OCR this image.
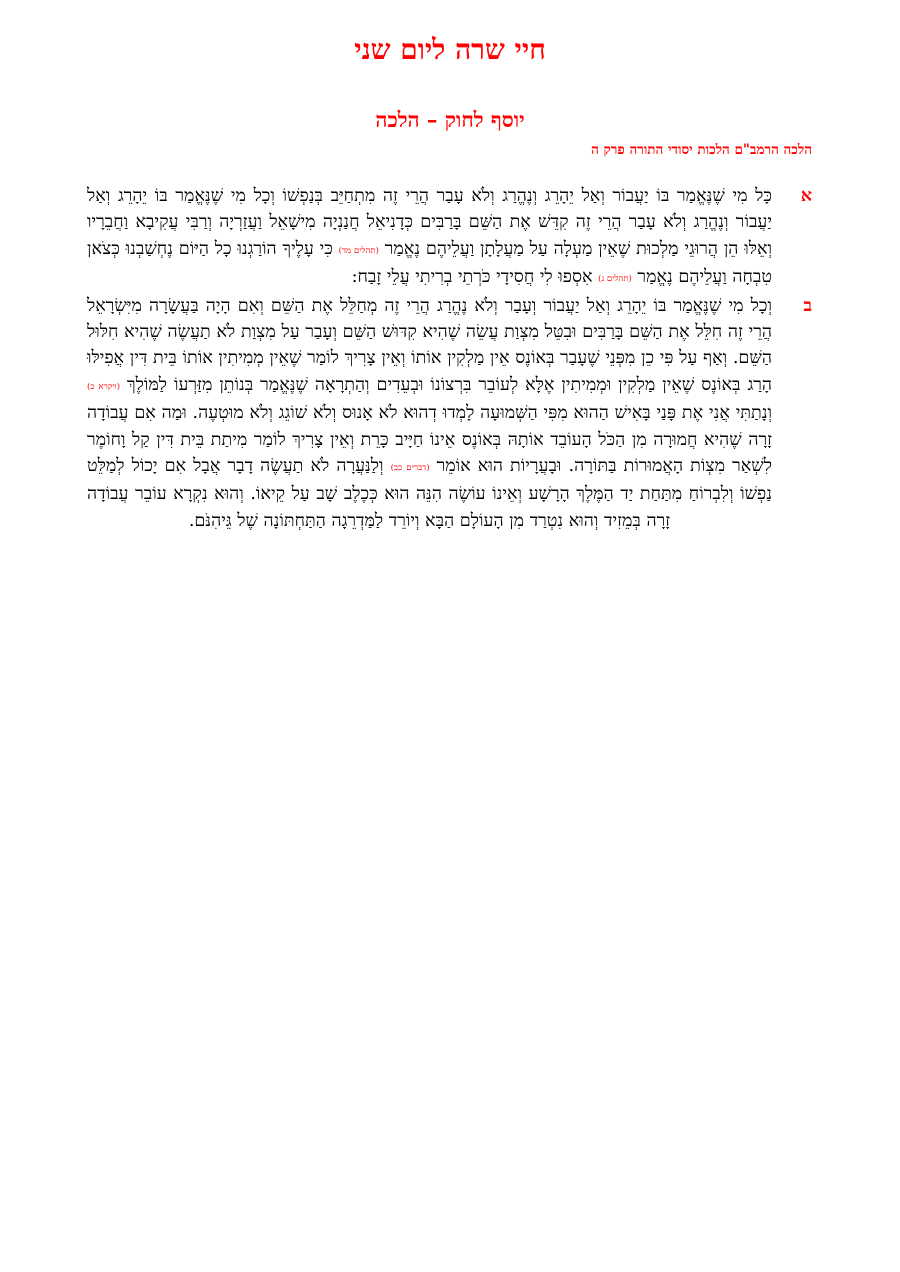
חיי שרה ליום שני
יוסף לחוק – הלכה
הלכה הרמב"ם הלכות יסודי התורה פרק ה

א
כָּל מִי שֶׁנֶּאֱמַר בּוֹ יַעֲבוֹר וְאַל יֵהָרֵג וְנֶהֱרַג וְלֹא עָבַר הֲרֵי זֶה מִתְחַיֵּב בְּנַפְשׁוֹ וְכָל מִי שֶׁנֶּאֱמַר בּוֹ יֵהָרֵג וְאַל יַעֲבוֹר וְנֶהֱרַג וְלֹא עָבַר הֲרֵי זֶה קִדֵּשׁ אֶת הַשֵּׁם בָּרַבִּים כְּדָנִיאֵל חֲנַנְיָה מִישָׁאֵל וַעֲזַרְיָה וְרַבִּי עֲקִיבָא וַחֲבֵרָיו וְאֵלּוּ הֵן הֲרוּגֵי מַלְכוּת שֶׁאֵין מַעְלָה עַל מַעֲלָתָן וַעֲלֵיהֶם נֶאֱמַר (תהלים מד) כִּי עָלֶיךָ הוֹרַגְנוּ כָל הַיּוֹם נֶחְשַׁבְנוּ כְּצֹאן טִבְחָה וַעֲלֵיהֶם נֶאֱמַר (תהלים נ) אִסְפוּ לִי חֲסִידָי כֹּרְתֵי בְרִיתִי עֲלֵי זָבַח:

ב
וְכָל מִי שֶׁנֶּאֱמַר בּוֹ יֵהָרֵג וְאַל יַעֲבוֹר וְעָבַר וְלֹא נֶהֱרַג הֲרֵי זֶה מְחַלֵּל אֶת הַשֵּׁם וְאִם הָיָה בַּעֲשָׂרָה מִיִּשְׂרָאֵל הֲרֵי זֶה חִלֵּל אֶת הַשֵּׁם בָּרַבִּים וּבִטֵּל מִצְוַת עֲשֵׂה שֶׁהִיא קִדּוּשׁ הַשֵּׁם וְעָבַר עַל מִצְוַת לֹא תַעֲשֶׂה שֶׁהִיא חִלּוּל הַשֵּׁם. וְאַף עַל פִּי כֵן מִפְּנֵי שֶׁעָבַר בְּאוֹנֶס אֵין מַלְקִין אוֹתוֹ וְאֵין צָרִיךְ לוֹמַר שֶׁאֵין מְמִיתִין אוֹתוֹ בֵּית דִּין אֲפִילּוּ הָרַג בְּאוֹנֶס שֶׁאֵין מַלְקִין וּמְמִיתִין אֶלָּא לְעוֹבֵר בִּרְצוֹנוֹ וּבְעֵדִים וְהַתְרָאָה שֶׁנֶּאֱמַר בְּנוֹתֵן מִזַּרְעוֹ לַמּוֹלֶךְ (ויקרא כ) וְנָתַתִּי אֲנִי אֶת פָּנַי בָּאִישׁ הַהוּא מִפִּי הַשְּׁמוּעָה לָמְדוּ דְהוּא לֹא אָנוּס וְלֹא שׁוֹגֵג וְלֹא מוּטְעֶה. וּמַה אִם עֲבוֹדָה זָרָה שֶׁהִיא חֲמוּרָה מִן הַכֹּל הָעוֹבֵד אוֹתָהּ בְּאוֹנֶס אֵינוֹ חַיָּיב כָּרֵת וְאֵין צָרִיךְ לוֹמַר מִיתַת בֵּית דִּין קַל וָחוֹמֶר לִשְׁאַר מִצְוֹת הָאֲמוּרוֹת בַּתּוֹרָה. וּבָעֲרָיוֹת הוּא אוֹמֵר (דברים כב) וְלַנַּעֲרָה לֹא תַעֲשֶׂה דָבָר אֲבָל אִם יָכוֹל לְמַלֵּט נַפְשׁוֹ וְלִבְרוֹחַ מִתַּחַת יַד הַמֶּלֶךְ הָרָשָׁע וְאֵינוֹ עוֹשֶׂה הִנֵּה הוּא כְּכֶלֶב שָׁב עַל קֵיאוֹ. וְהוּא נִקְרָא עוֹבֵר עֲבוֹדָה זָרָה בְּמֵזִיד וְהוּא נִטְרַד מִן הָעוֹלָם הַבָּא וְיוֹרֵד לַמַּדְרֵגָה הַתַּחְתּוֹנָה שֶׁל גֵּיהִנֹּם.
